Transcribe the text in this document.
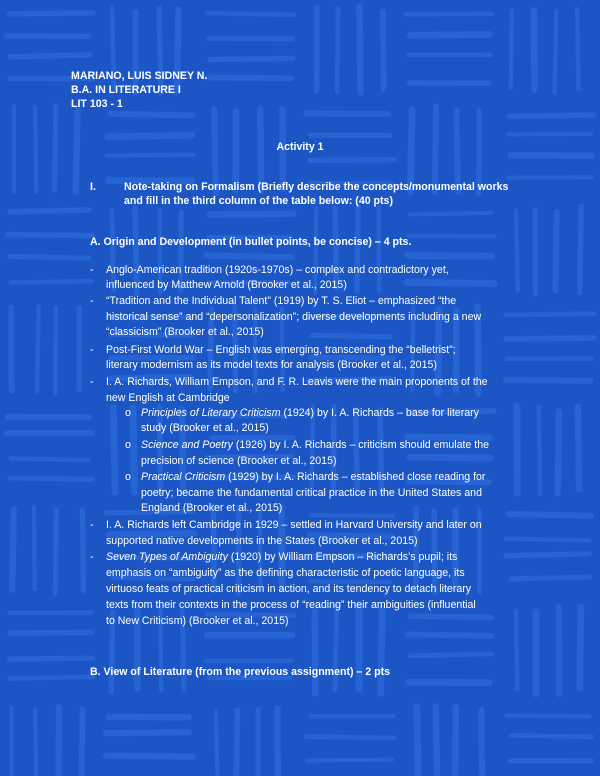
MARIANO, LUIS SIDNEY N.
B.A. IN LITERATURE I
LIT 103 - 1
Activity 1
I.	Note-taking on Formalism (Briefly describe the concepts/monumental works
and fill in the third column of the table below: (40 pts)
A. Origin and Development (in bullet points, be concise) – 4 pts.
- Anglo-American tradition (1920s-1970s) – complex and contradictory yet,
influenced by Matthew Arnold (Brooker et al., 2015)
- “Tradition and the Individual Talent” (1919) by T. S. Eliot – emphasized “the
historical sense” and “depersonalization”; diverse developments including a new
“classicism” (Brooker et al., 2015)
- Post-First World War – English was emerging, transcending the “belletrist”;
literary modernism as its model texts for analysis (Brooker et al., 2015)
- I. A. Richards, William Empson, and F. R. Leavis were the main proponents of the
new English at Cambridge
o Principles of Literary Criticism (1924) by I. A. Richards – base for literary
study (Brooker et al., 2015)
o Science and Poetry (1926) by I. A. Richards – criticism should emulate the
precision of science (Brooker et al., 2015)
o Practical Criticism (1929) by I. A. Richards – established close reading for
poetry; became the fundamental critical practice in the United States and
England (Brooker et al., 2015)
- I. A. Richards left Cambridge in 1929 – settled in Harvard University and later on
supported native developments in the States (Brooker et al., 2015)
- Seven Types of Ambiguity (1920) by William Empson – Richards’s pupil; its
emphasis on “ambiguity” as the defining characteristic of poetic language, its
virtuoso feats of practical criticism in action, and its tendency to detach literary
texts from their contexts in the process of “reading” their ambiguities (influential
to New Criticism) (Brooker et al., 2015)
B. View of Literature (from the previous assignment) – 2 pts
